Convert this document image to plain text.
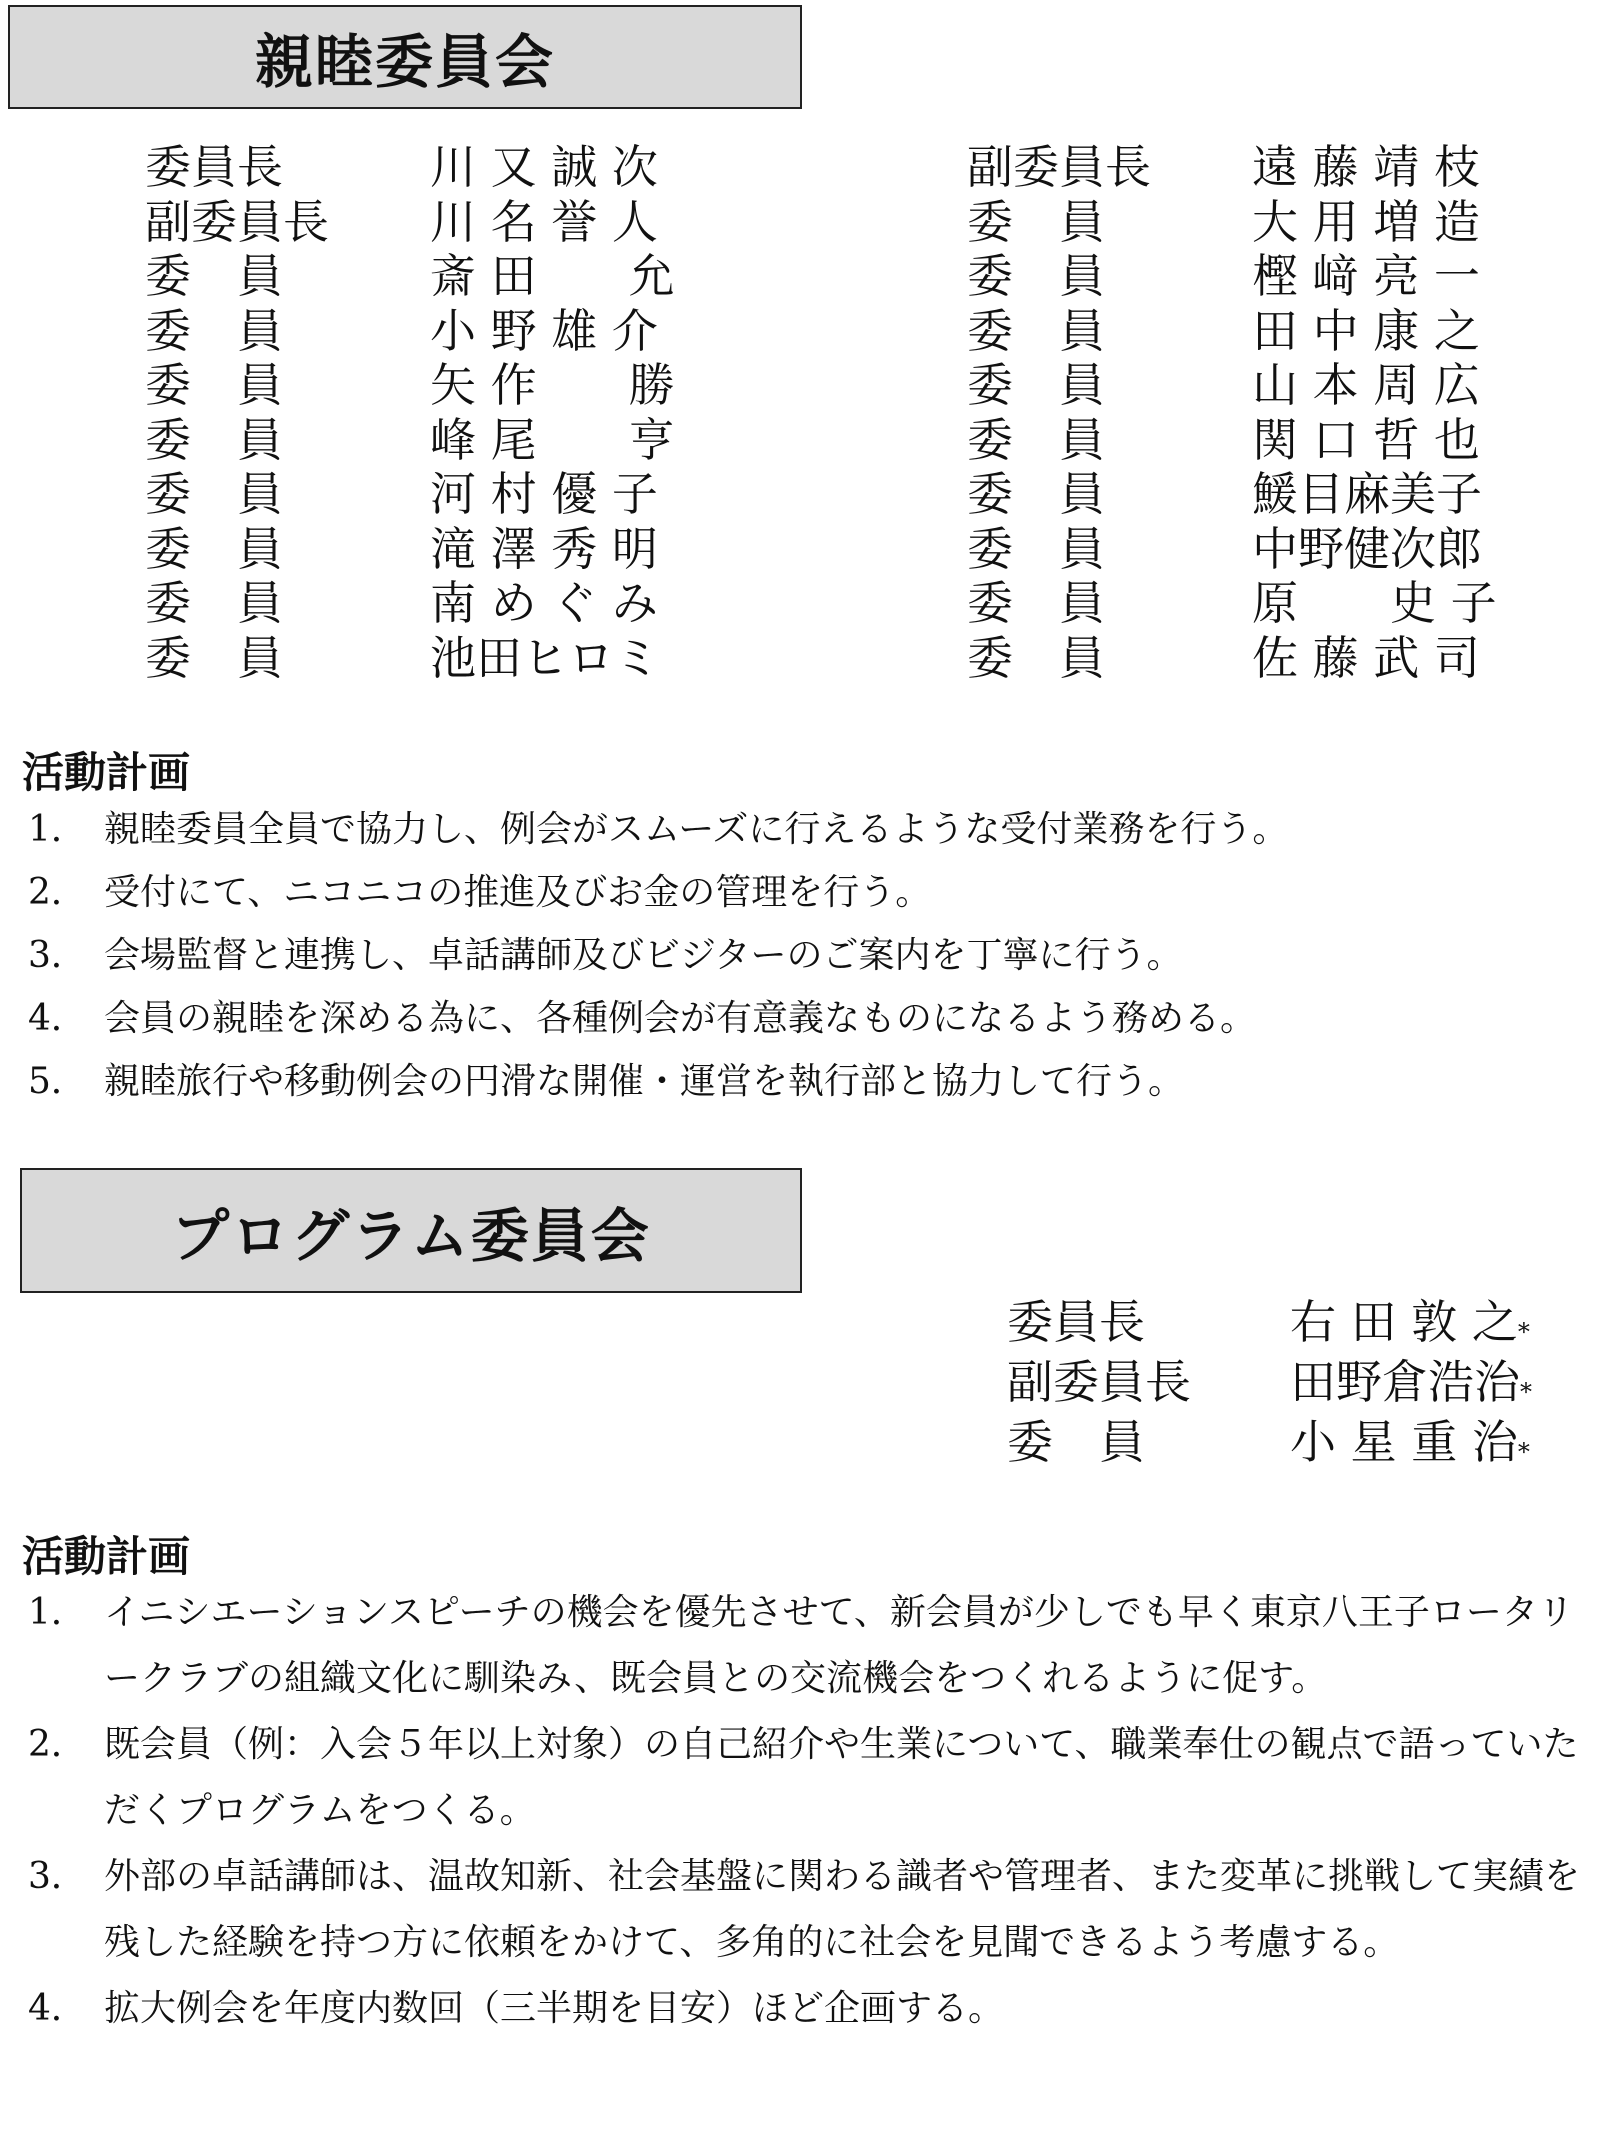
親睦委員会
委員長	川 又 誠 次
副委員長	川 名 誉 人
委　員	斎 田　　允
委　員	小 野 雄 介
委　員	矢 作　　勝
委　員	峰 尾　　亨
委　員	河 村 優 子
委　員	滝 澤 秀 明
委　員	南 め ぐ み
委　員	池田ヒロミ
副委員長	遠 藤 靖 枝
委　員	大 用 増 造
委　員	樫 﨑 亮 一
委　員	田 中 康 之
委　員	山 本 周 広
委　員	関 口 哲 也
委　員	鰀目麻美子
委　員	中野健次郎
委　員	原　　史 子
委　員	佐 藤 武 司
活動計画
1． 親睦委員全員で協力し、例会がスムーズに行えるような受付業務を行う。
2． 受付にて、ニコニコの推進及びお金の管理を行う。
3． 会場監督と連携し、卓話講師及びビジターのご案内を丁寧に行う。
4． 会員の親睦を深める為に、各種例会が有意義なものになるよう務める。
5． 親睦旅行や移動例会の円滑な開催・運営を執行部と協力して行う。
プログラム委員会
委員長	右 田 敦 之*
副委員長	田野倉浩治*
委　員	小 星 重 治*
活動計画
1． イニシエーションスピーチの機会を優先させて、新会員が少しでも早く東京八王子ロータリークラブの組織文化に馴染み、既会員との交流機会をつくれるように促す。
2． 既会員（例：入会５年以上対象）の自己紹介や生業について、職業奉仕の観点で語っていただくプログラムをつくる。
3． 外部の卓話講師は、温故知新、社会基盤に関わる識者や管理者、また変革に挑戦して実績を残した経験を持つ方に依頼をかけて、多角的に社会を見聞できるよう考慮する。
4． 拡大例会を年度内数回（三半期を目安）ほど企画する。
